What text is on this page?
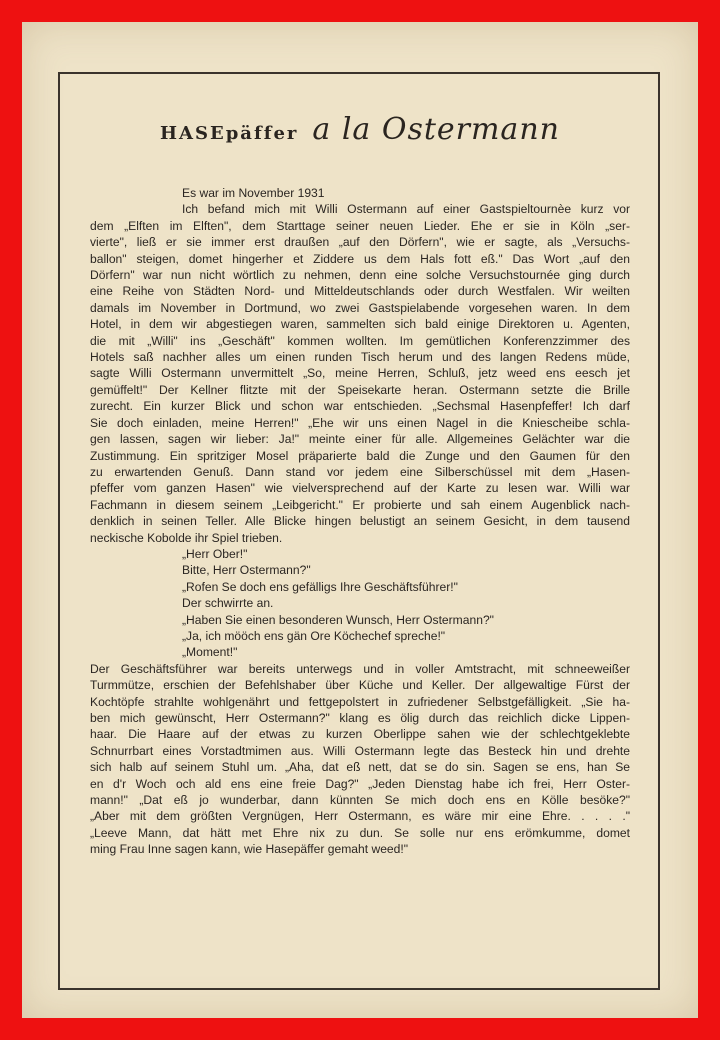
HASEpäffer a la Ostermann
Es war im November 1931
Ich befand mich mit Willi Ostermann auf einer Gastspieltournèe kurz vor
dem „Elften im Elften", dem Starttage seiner neuen Lieder. Ehe er sie in Köln „ser-
vierte", ließ er sie immer erst draußen „auf den Dörfern", wie er sagte, als „Versuchs-
ballon" steigen, domet hingerher et Ziddere us dem Hals fott eß." Das Wort „auf den
Dörfern" war nun nicht wörtlich zu nehmen, denn eine solche Versuchstournée ging durch
eine Reihe von Städten Nord- und Mitteldeutschlands oder durch Westfalen. Wir weilten
damals im November in Dortmund, wo zwei Gastspielabende vorgesehen waren. In dem
Hotel, in dem wir abgestiegen waren, sammelten sich bald einige Direktoren u. Agenten,
die mit „Willi" ins „Geschäft" kommen wollten. Im gemütlichen Konferenzzimmer des
Hotels saß nachher alles um einen runden Tisch herum und des langen Redens müde,
sagte Willi Ostermann unvermittelt „So, meine Herren, Schluß, jetz weed ens eesch jet
gemüffelt!" Der Kellner flitzte mit der Speisekarte heran. Ostermann setzte die Brille
zurecht. Ein kurzer Blick und schon war entschieden. „Sechsmal Hasenpfeffer! Ich darf
Sie doch einladen, meine Herren!" „Ehe wir uns einen Nagel in die Kniescheibe schla-
gen lassen, sagen wir lieber: Ja!" meinte einer für alle. Allgemeines Gelächter war die
Zustimmung. Ein spritziger Mosel präparierte bald die Zunge und den Gaumen für den
zu erwartenden Genuß. Dann stand vor jedem eine Silberschüssel mit dem „Hasen-
pfeffer vom ganzen Hasen" wie vielversprechend auf der Karte zu lesen war. Willi war
Fachmann in diesem seinem „Leibgericht." Er probierte und sah einem Augenblick nach-
denklich in seinen Teller. Alle Blicke hingen belustigt an seinem Gesicht, in dem tausend
neckische Kobolde ihr Spiel trieben.
„Herr Ober!"
Bitte, Herr Ostermann?"
„Rofen Se doch ens gefälligs Ihre Geschäftsführer!"
Der schwirrte an.
„Haben Sie einen besonderen Wunsch, Herr Ostermann?"
„Ja, ich mööch ens gän Ore Köchechef spreche!"
„Moment!"
Der Geschäftsführer war bereits unterwegs und in voller Amtstracht, mit schneeweißer
Turmmütze, erschien der Befehlshaber über Küche und Keller. Der allgewaltige Fürst der
Kochtöpfe strahlte wohlgenährt und fettgepolstert in zufriedener Selbstgefälligkeit. „Sie ha-
ben mich gewünscht, Herr Ostermann?" klang es ölig durch das reichlich dicke Lippen-
haar. Die Haare auf der etwas zu kurzen Oberlippe sahen wie der schlechtgeklebte
Schnurrbart eines Vorstadtmimen aus. Willi Ostermann legte das Besteck hin und drehte
sich halb auf seinem Stuhl um. „Aha, dat eß nett, dat se do sin. Sagen se ens, han Se
en d'r Woch och ald ens eine freie Dag?" „Jeden Dienstag habe ich frei, Herr Oster-
mann!" „Dat eß jo wunderbar, dann künnten Se mich doch ens en Kölle besöke?"
„Aber mit dem größten Vergnügen, Herr Ostermann, es wäre mir eine Ehre. . . . ."
„Leeve Mann, dat hätt met Ehre nix zu dun. Se solle nur ens erömkumme, domet
ming Frau Inne sagen kann, wie Hasepäffer gemaht weed!"
